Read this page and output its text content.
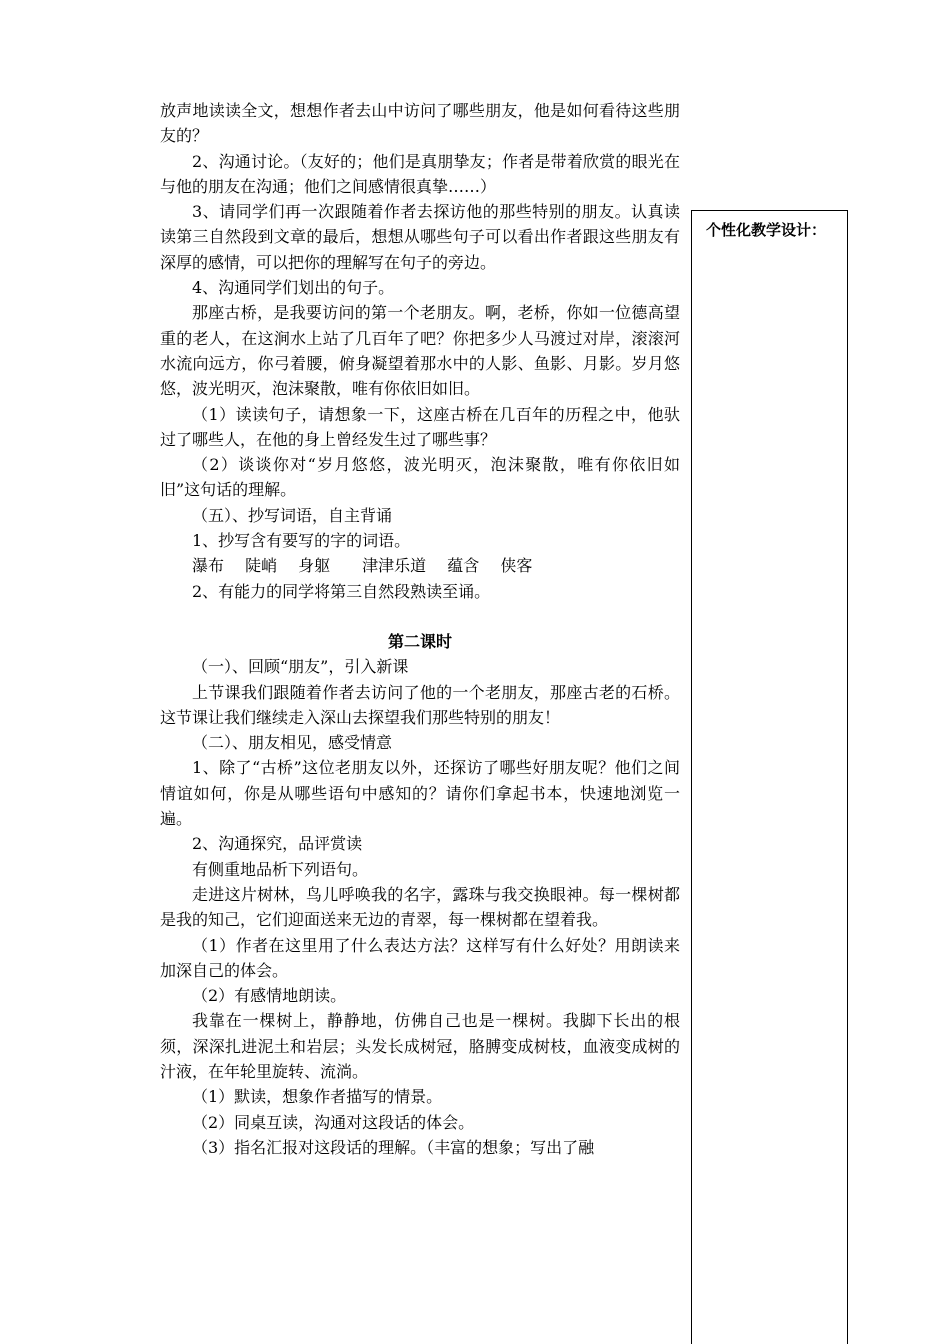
放声地读读全文，想想作者去山中访问了哪些朋友，他是如何看待这些朋友的？

2、沟通讨论。（友好的；他们是真朋挚友；作者是带着欣赏的眼光在与他的朋友在沟通；他们之间感情很真挚……）

3、请同学们再一次跟随着作者去探访他的那些特别的朋友。认真读读第三自然段到文章的最后，想想从哪些句子可以看出作者跟这些朋友有深厚的感情，可以把你的理解写在句子的旁边。

4、沟通同学们划出的句子。

那座古桥，是我要访问的第一个老朋友。啊，老桥，你如一位德高望重的老人，在这涧水上站了几百年了吧？你把多少人马渡过对岸，滚滚河水流向远方，你弓着腰，俯身凝望着那水中的人影、鱼影、月影。岁月悠悠，波光明灭，泡沫聚散，唯有你依旧如旧。

（1）读读句子，请想象一下，这座古桥在几百年的历程之中，他驮过了哪些人，在他的身上曾经发生过了哪些事？

（2）谈谈你对“岁月悠悠，波光明灭，泡沫聚散，唯有你依旧如旧”这句话的理解。

（五）、抄写词语，自主背诵

1、抄写含有要写的字的词语。

瀑布　 陡峭　 身躯　　津津乐道　 蕴含　 侠客

2、有能力的同学将第三自然段熟读至诵。

第二课时

（一）、回顾“朋友”，引入新课

上节课我们跟随着作者去访问了他的一个老朋友，那座古老的石桥。这节课让我们继续走入深山去探望我们那些特别的朋友！

（二）、朋友相见，感受情意

1、除了“古桥”这位老朋友以外，还探访了哪些好朋友呢？他们之间情谊如何，你是从哪些语句中感知的？请你们拿起书本，快速地浏览一遍。

2、沟通探究，品评赏读

有侧重地品析下列语句。

走进这片树林，鸟儿呼唤我的名字，露珠与我交换眼神。每一棵树都是我的知己，它们迎面送来无边的青翠，每一棵树都在望着我。

（1）作者在这里用了什么表达方法？这样写有什么好处？用朗读来加深自己的体会。

（2）有感情地朗读。

我靠在一棵树上，静静地，仿佛自己也是一棵树。我脚下长出的根须，深深扎进泥土和岩层；头发长成树冠，胳膊变成树枝，血液变成树的汁液，在年轮里旋转、流淌。

（1）默读，想象作者描写的情景。

（2）同桌互读，沟通对这段话的体会。

（3）指名汇报对这段话的理解。（丰富的想象；写出了融

个性化教学设计：
